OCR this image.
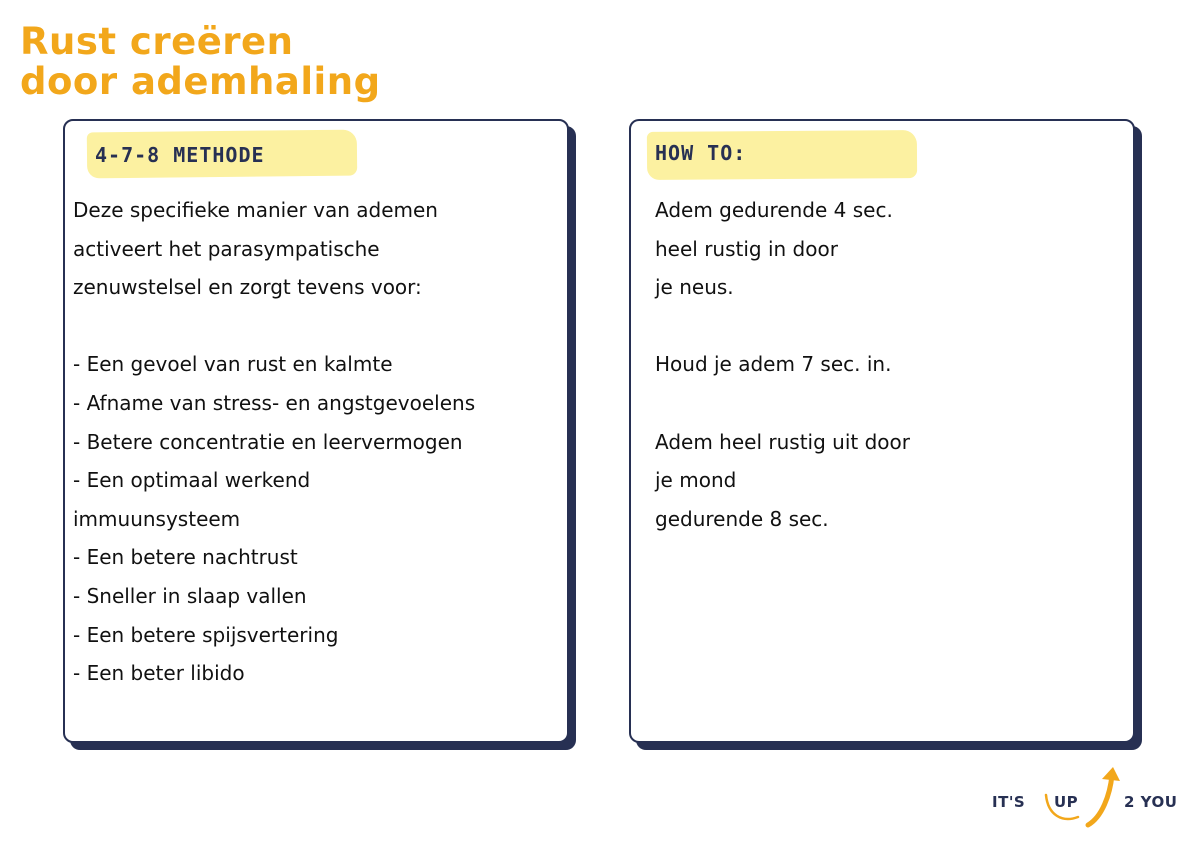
Rust creëren
door ademhaling
4-7-8 METHODE
Deze specifieke manier van ademen
activeert het parasympatische
zenuwstelsel en zorgt tevens voor:
- Een gevoel van rust en kalmte
- Afname van stress- en angstgevoelens
- Betere concentratie en leervermogen
- Een optimaal werkend
immuunsysteem
- Een betere nachtrust
- Sneller in slaap vallen
- Een betere spijsvertering
- Een beter libido
HOW TO:
Adem gedurende 4 sec.
heel rustig in door
je neus.
Houd je adem 7 sec. in.
Adem heel rustig uit door
je mond
gedurende 8 sec.
IT'S UP	2 YOU
